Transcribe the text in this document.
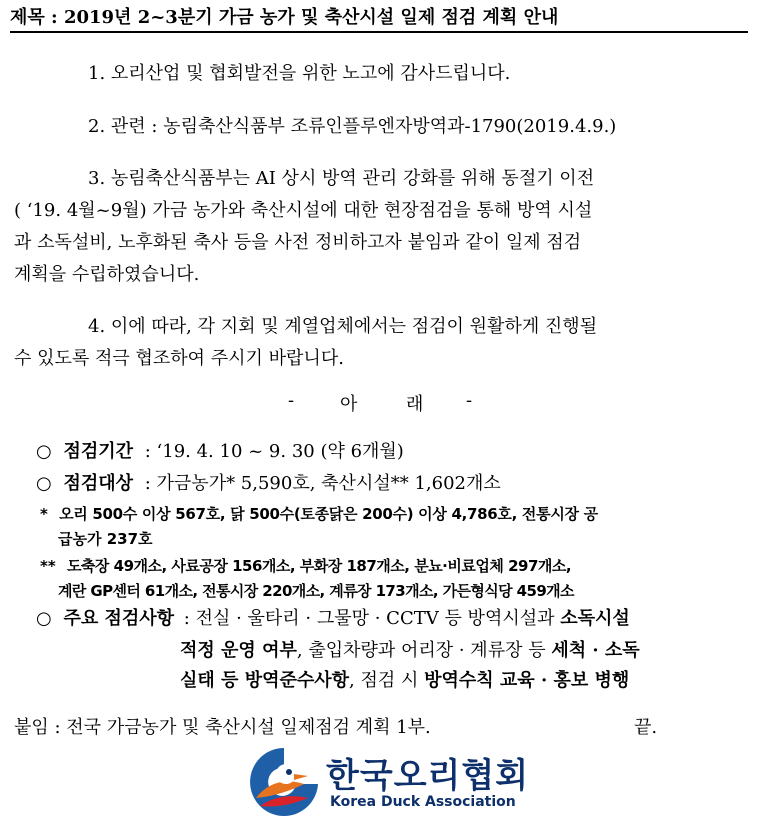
제목 : 2019년 2~3분기 가금 농가 및 축산시설 일제 점검 계획 안내
1. 오리산업 및 협회발전을 위한 노고에 감사드립니다.
2. 관련 : 농림축산식품부 조류인플루엔자방역과-1790(2019.4.9.)
3. 농림축산식품부는 AI 상시 방역 관리 강화를 위해 동절기 이전
( ‘19. 4월~9월) 가금 농가와 축산시설에 대한 현장점검을 통해 방역 시설
과 소독설비, 노후화된 축사 등을 사전 정비하고자 붙임과 같이 일제 점검
계획을 수립하였습니다.
4. 이에 따라, 각 지회 및 계열업체에서는 점검이 원활하게 진행될
수 있도록 적극 협조하여 주시기 바랍니다.
-	아	래 -
○ 점검기간 : ‘19. 4. 10 ~ 9. 30 (약 6개월)
○ 점검대상 : 가금농가* 5,590호, 축산시설** 1,602개소
* 오리 500수 이상 567호, 닭 500수(토종닭은 200수) 이상 4,786호, 전통시장 공
급농가 237호
** 도축장 49개소, 사료공장 156개소, 부화장 187개소, 분뇨·비료업체 297개소,
계란 GP센터 61개소, 전통시장 220개소, 계류장 173개소, 가든형식당 459개소
○ 주요 점검사항 : 전실 · 울타리 · 그물망 · CCTV 등 방역시설과 소독시설
적정 운영 여부, 출입차량과 어리장 · 계류장 등 세척 · 소독
실태 등 방역준수사항, 점검 시 방역수칙 교육 · 홍보 병행
붙임 : 전국 가금농가 및 축산시설 일제점검 계획 1부.	끝.
한국오리협회
Korea Duck Association
